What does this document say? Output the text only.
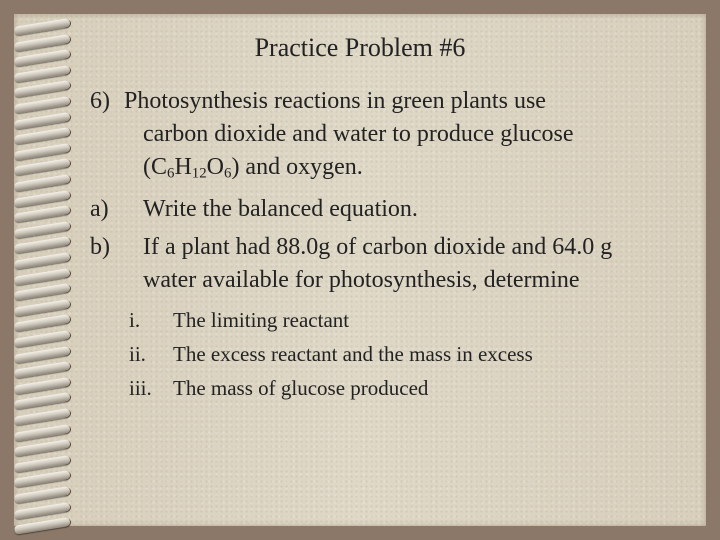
Practice Problem #6
6) Photosynthesis reactions in green plants use
carbon dioxide and water to produce glucose
$(C_6H_{12}O_6)$ and oxygen.
a) Write the balanced equation.
b) If a plant had 88.0g of carbon dioxide and 64.0 g
water available for photosynthesis, determine
i. The limiting reactant
ii. The excess reactant and the mass in excess
iii. The mass of glucose produced
